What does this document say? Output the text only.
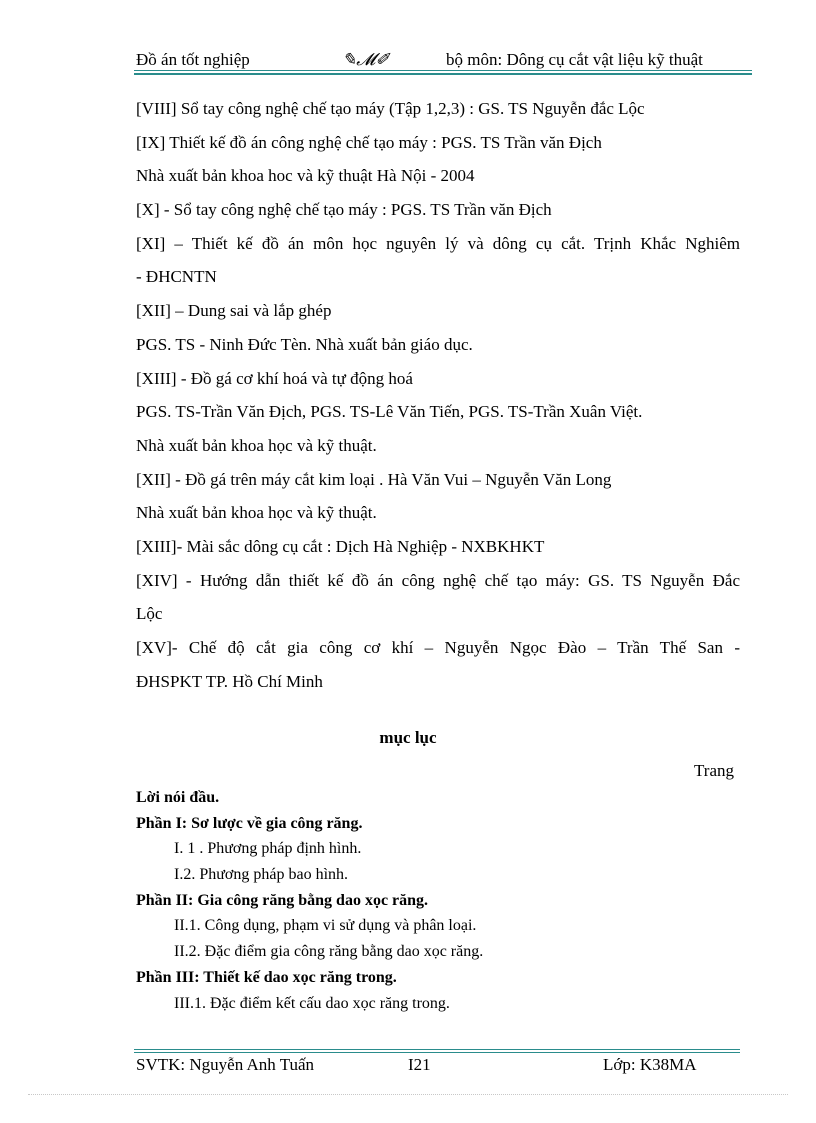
Đồ án tốt nghiệp	✎𝓜✐	bộ môn: Dông cụ cắt vật liệu kỹ thuật

[VIII] Sổ tay công nghệ chế tạo máy (Tập 1,2,3) : GS. TS Nguyễn đắc Lộc

[IX] Thiết kế đồ án công nghệ chế tạo máy : PGS. TS Trần văn Địch

Nhà xuất bản khoa hoc và kỹ thuật Hà Nội - 2004

[X] - Sổ tay công nghệ chế tạo máy : PGS. TS Trần văn Địch

[XI] – Thiết kế đồ án môn học nguyên lý và dông cụ cắt. Trịnh Khắc Nghiêm

- ĐHCNTN

[XII] – Dung sai và lắp ghép

PGS. TS - Ninh Đức Tèn. Nhà xuất bản giáo dục.

[XIII] - Đồ gá cơ khí hoá và tự động hoá

PGS. TS-Trần Văn Địch, PGS. TS-Lê Văn Tiến, PGS. TS-Trần Xuân Việt.

Nhà xuất bản khoa học và kỹ thuật.

[XII] - Đồ gá trên máy cắt kim loại . Hà Văn Vui – Nguyễn Văn Long

Nhà xuất bản khoa học và kỹ thuật.

[XIII]- Mài sắc dông cụ cắt : Dịch Hà Nghiệp - NXBKHKT

[XIV] - Hướng dẫn thiết kế đồ án công nghệ chế tạo máy: GS. TS Nguyễn Đắc

Lộc

[XV]- Chế độ cắt gia công cơ khí – Nguyễn Ngọc Đào – Trần Thế San -

ĐHSPKT TP. Hồ Chí Minh

mục lục
Trang

Lời nói đầu.

Phần I: Sơ lược về gia công răng.

I. 1 . Phương pháp định hình.

I.2. Phương pháp bao hình.

Phần II: Gia công răng bằng dao xọc răng.

II.1. Công dụng, phạm vi sử dụng và phân loại.

II.2. Đặc điểm gia công răng bằng dao xọc răng.

Phần III: Thiết kế dao xọc răng trong.

III.1. Đặc điểm kết cấu dao xọc răng trong.

SVTK: Nguyễn Anh Tuấn	I21	Lớp: K38MA
